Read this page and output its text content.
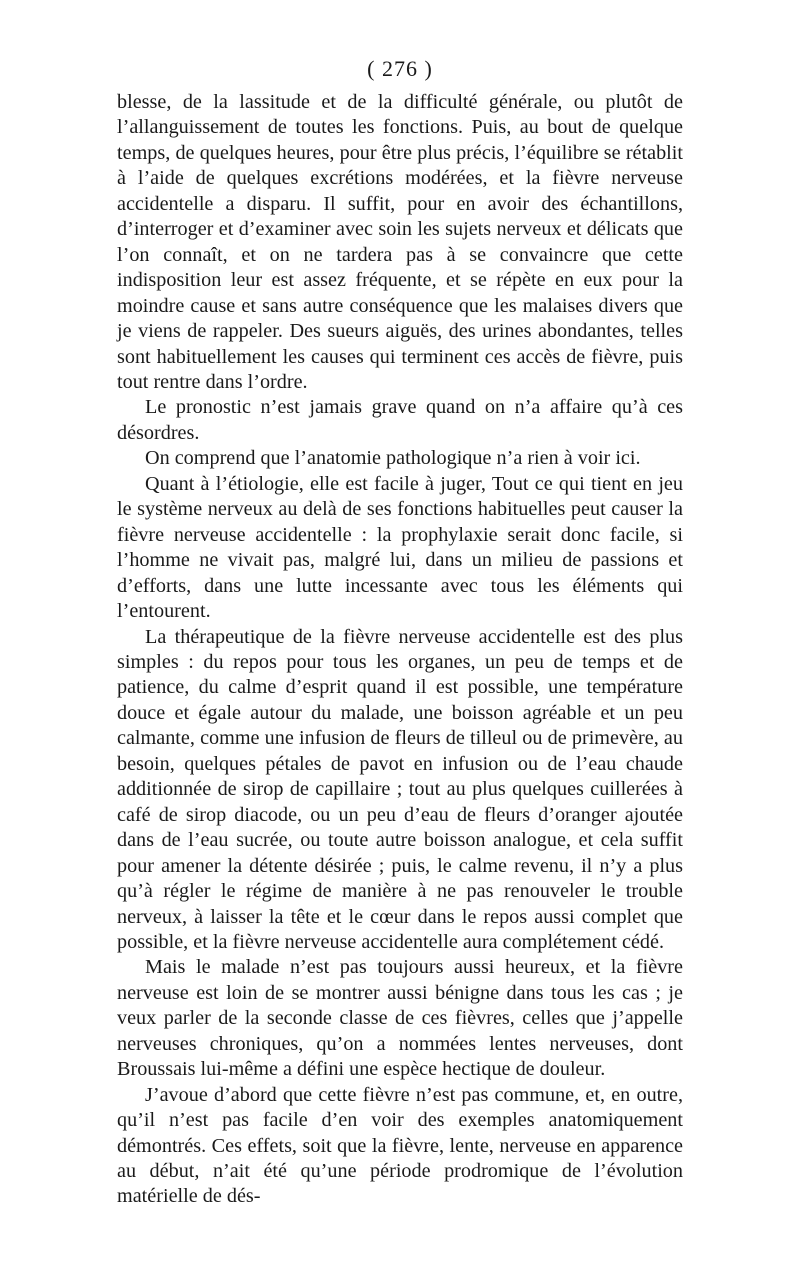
( 276 )

blesse, de la lassitude et de la difficulté générale, ou plutôt de l’allanguissement de toutes les fonctions. Puis, au bout de quelque temps, de quelques heures, pour être plus précis, l’équilibre se rétablit à l’aide de quelques excrétions modérées, et la fièvre nerveuse accidentelle a disparu. Il suffit, pour en avoir des échantillons, d’interroger et d’examiner avec soin les sujets nerveux et délicats que l’on connaît, et on ne tardera pas à se convaincre que cette indisposition leur est assez fréquente, et se répète en eux pour la moindre cause et sans autre conséquence que les malaises divers que je viens de rappeler. Des sueurs aiguës, des urines abondantes, telles sont habituellement les causes qui terminent ces accès de fièvre, puis tout rentre dans l’ordre.

Le pronostic n’est jamais grave quand on n’a affaire qu’à ces désordres.

On comprend que l’anatomie pathologique n’a rien à voir ici.

Quant à l’étiologie, elle est facile à juger, Tout ce qui tient en jeu le système nerveux au delà de ses fonctions habituelles peut causer la fièvre nerveuse accidentelle : la prophylaxie serait donc facile, si l’homme ne vivait pas, malgré lui, dans un milieu de passions et d’efforts, dans une lutte incessante avec tous les éléments qui l’entourent.

La thérapeutique de la fièvre nerveuse accidentelle est des plus simples : du repos pour tous les organes, un peu de temps et de patience, du calme d’esprit quand il est possible, une température douce et égale autour du malade, une boisson agréable et un peu calmante, comme une infusion de fleurs de tilleul ou de primevère, au besoin, quelques pétales de pavot en infusion ou de l’eau chaude additionnée de sirop de capillaire ; tout au plus quelques cuillerées à café de sirop diacode, ou un peu d’eau de fleurs d’oranger ajoutée dans de l’eau sucrée, ou toute autre boisson analogue, et cela suffit pour amener la détente désirée ; puis, le calme revenu, il n’y a plus qu’à régler le régime de manière à ne pas renouveler le trouble nerveux, à laisser la tête et le cœur dans le repos aussi complet que possible, et la fièvre nerveuse accidentelle aura complétement cédé.

Mais le malade n’est pas toujours aussi heureux, et la fièvre nerveuse est loin de se montrer aussi bénigne dans tous les cas ; je veux parler de la seconde classe de ces fièvres, celles que j’appelle nerveuses chroniques, qu’on a nommées lentes nerveuses, dont Broussais lui-même a défini une espèce hectique de douleur.

J’avoue d’abord que cette fièvre n’est pas commune, et, en outre, qu’il n’est pas facile d’en voir des exemples anatomiquement démontrés. Ces effets, soit que la fièvre, lente, nerveuse en apparence au début, n’ait été qu’une période prodromique de l’évolution matérielle de dés-
